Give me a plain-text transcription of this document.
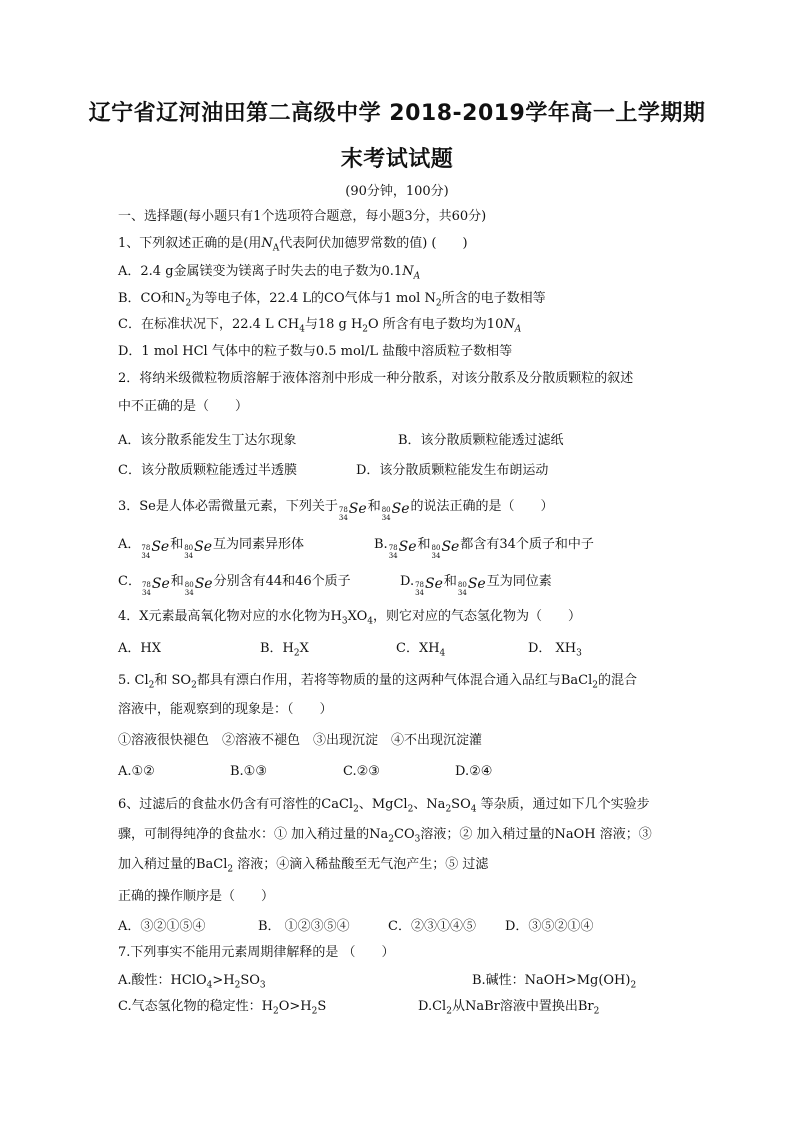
辽宁省辽河油田第二高级中学 2018-2019学年高一上学期期
末考试试题
(90分钟，100分)
一、选择题(每小题只有1个选项符合题意，每小题3分，共60分)
1、下列叙述正确的是(用$N_A$代表阿伏加德罗常数的值) (　　)
A．2.4 g金属镁变为镁离子时失去的电子数为$0.1N_A$
B．CO和$N_2$为等电子体，22.4 L的CO气体与1 mol $N_2$所含的电子数相等
C．在标准状况下，22.4 L $CH_4$与18 g $H_2O$ 所含有电子数均为$10N_A$
D．1 mol HCl 气体中的粒子数与0.5 mol/L 盐酸中溶质粒子数相等
2．将纳米级微粒物质溶解于液体溶剂中形成一种分散系，对该分散系及分散质颗粒的叙述
中不正确的是（　　）
A．该分散系能发生丁达尔现象	B．该分散质颗粒能透过滤纸
C．该分散质颗粒能透过半透膜	D．该分散质颗粒能发生布朗运动
3．Se是人体必需微量元素，下列关于 78
34
Se 和 80
34
Se 的说法正确的是（　　）
A． 78
34
Se 和 80
34
Se 互为同素异形体	B. 78
34
Se 和 80
34
Se 都含有34个质子和中子
C． 78
34
Se 和 80
34
Se 分别含有44和46个质子	D. 78
34
Se 和 80
34
Se 互为同位素
4．X元素最高氧化物对应的水化物为$H_3XO_4$，则它对应的气态氢化物为（　　）
A．HX	B．$H_2X$	C．$XH_4$	D． $XH_3$
5. $Cl_2$和 $SO_2$都具有漂白作用，若将等物质的量的这两种气体混合通入品红与BaCl$_2$的混合
溶液中，能观察到的现象是：（　　）
①溶液很快褪色　②溶液不褪色　③出现沉淀　④不出现沉淀灌
A.①②	B.①③	C.②③	D.②④
6、过滤后的食盐水仍含有可溶性的CaCl$_2$、MgCl$_2$、$Na_2SO_4$ 等杂质，通过如下几个实验步
骤，可制得纯净的食盐水：① 加入稍过量的$Na_2CO_3$溶液；② 加入稍过量的NaOH 溶液；③
加入稍过量的BaCl$_2$ 溶液；④滴入稀盐酸至无气泡产生；⑤ 过滤
正确的操作顺序是（　　）
A．③②①⑤④	B． ①②③⑤④	C．②③①④⑤ D．③⑤②①④
7.下列事实不能用元素周期律解释的是 （　　）
A.酸性：$HClO_4>H_2SO_3$	B.碱性：$NaOH>Mg(OH)_2$
C.气态氢化物的稳定性：$H_2O>H_2S$	$D.Cl_2$从NaBr溶液中置换出$Br_2$
